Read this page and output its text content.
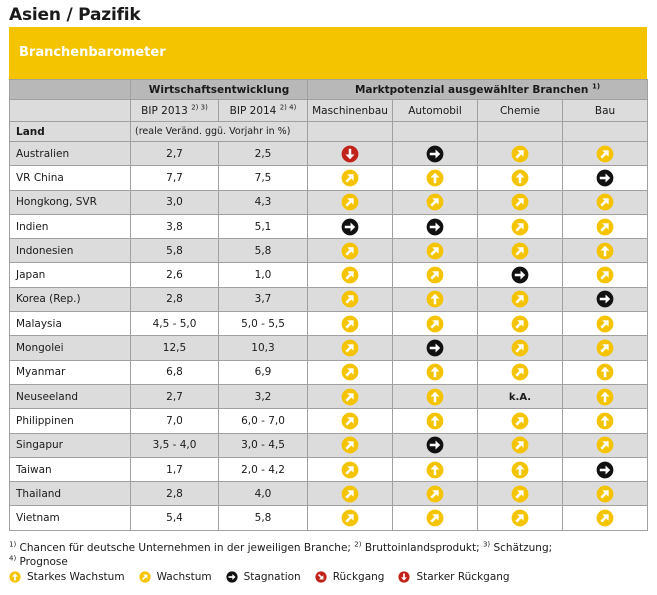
Asien / Pazifik
Branchenbarometer
	Wirtschaftsentwicklung		Marktpotenzial ausgewählter Branchen $^{1)}$
	BIP 2013 $^{2) 3)}$	BIP 2014 $^{2) 4)}$	Maschinenbau	Automobil	Chemie	Bau
Land	(reale Veränd. ggü. Vorjahr in %)					
Australien	2,7	2,5				
VR China	7,7	7,5				
Hongkong, SVR	3,0	4,3				
Indien	3,8	5,1				
Indonesien	5,8	5,8				
Japan	2,6	1,0				
Korea (Rep.)	2,8	3,7				
Malaysia	4,5 - 5,0	5,0 - 5,5				
Mongolei	12,5	10,3				
Myanmar	6,8	6,9				
Neuseeland	2,7	3,2			k.A.	
Philippinen	7,0	6,0 - 7,0				
Singapur	3,5 - 4,0	3,0 - 4,5				
Taiwan	1,7	2,0 - 4,2				
Thailand	2,8	4,0				
Vietnam	5,4	5,8				
$^{1)}$ Chancen für deutsche Unternehmen in der jeweiligen Branche; $^{2)}$ Bruttoinlandsprodukt; $^{3)}$ Schätzung;
$^{4)}$ Prognose
Starkes Wachstum	Wachstum	Stagnation	Rückgang	Starker Rückgang
